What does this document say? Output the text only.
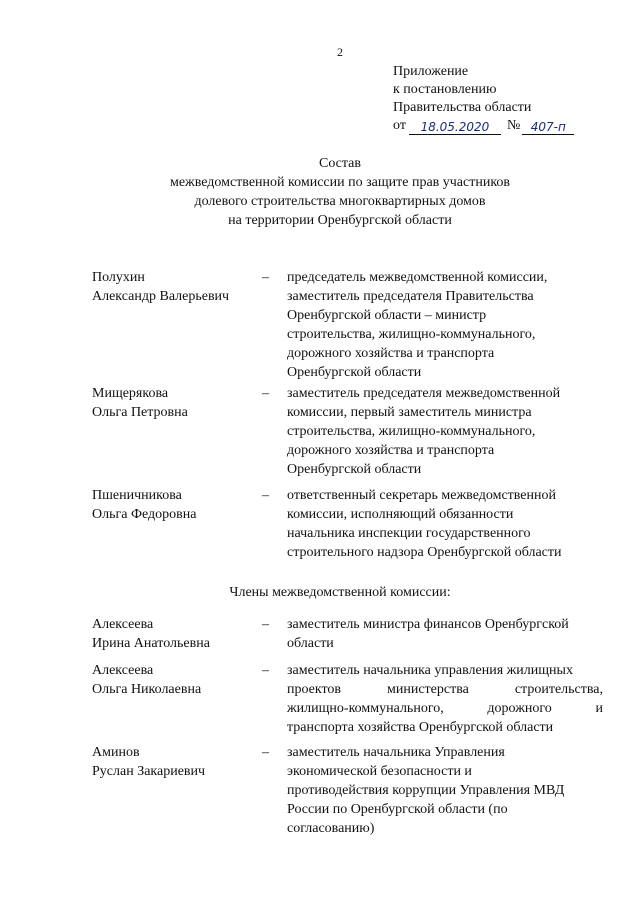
2
Приложение
к постановлению
Правительства области
от	18.05.2020	№ 407-п
Состав
межведомственной комиссии по защите прав участников
долевого строительства многоквартирных домов
на территории Оренбургской области
Полухин
Александр Валерьевич
– председатель межведомственной комиссии,
заместитель председателя Правительства
Оренбургской области – министр
строительства, жилищно-коммунального,
дорожного хозяйства и транспорта
Оренбургской области
Мищерякова
Ольга Петровна
– заместитель председателя межведомственной
комиссии, первый заместитель министра
строительства, жилищно-коммунального,
дорожного хозяйства и транспорта
Оренбургской области
Пшеничникова
Ольга Федоровна
– ответственный секретарь межведомственной
комиссии, исполняющий обязанности
начальника инспекции государственного
строительного надзора Оренбургской области
Члены межведомственной комиссии:
Алексеева
Ирина Анатольевна
– заместитель министра финансов Оренбургской
области
Алексеева
Ольга Николаевна
– заместитель начальника управления жилищных
проектов министерства строительства,
жилищно-коммунального, дорожного и
транспорта хозяйства Оренбургской области
Аминов
Руслан Закариевич
– заместитель начальника Управления
экономической безопасности и
противодействия коррупции Управления МВД
России по Оренбургской области (по
согласованию)
